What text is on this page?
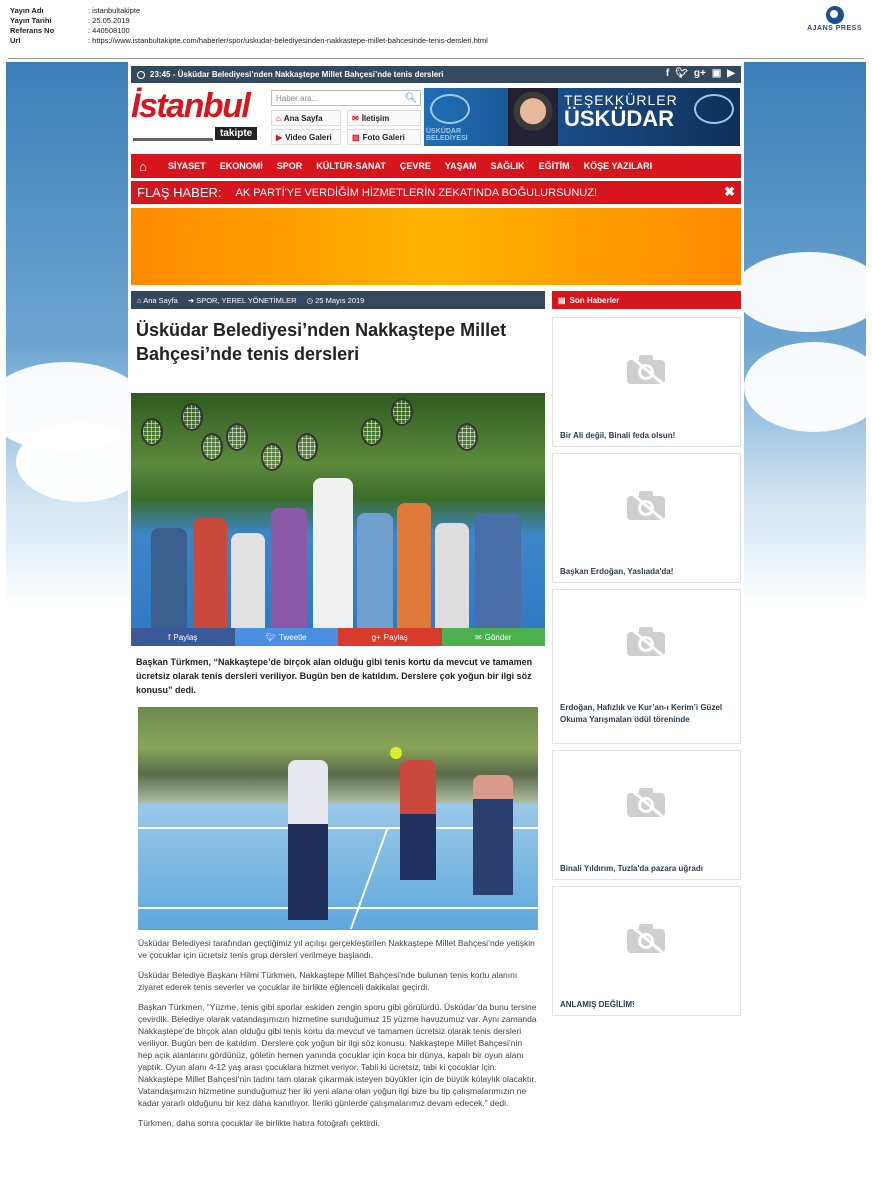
Yayın Adı	: istanbultakipte
Yayın Tarihi	: 25.05.2019
Referans No	: 440508100
Url	: https://www.istanbultakipte.com/haberler/spor/uskudar-belediyesinden-nakkastepe-millet-bahcesinde-tenis-dersleri.html
AJANS PRESS
23:45
- Üsküdar Belediyesi’nden Nakkaştepe Millet Bahçesi’nde tenis dersleri	f 🐦︎ g+ ▣ ▶
İstanbul
takipte
Haber ara...	🔍︎
⌂ Ana Sayfa	✉ İletişim
▶ Video Galeri	▨ Foto Galeri
ÜSKÜDAR BELEDİYESİ
TEŞEKKÜRLER
ÜSKÜDAR
⌂	SİYASET	EKONOMİ	SPOR	KÜLTÜR-SANAT	ÇEVRE	YAŞAM	SAĞLIK	EĞİTİM	KÖŞE YAZILARI
FLAŞ HABER: AK PARTİ'YE VERDİĞİM HİZMETLERİN ZEKATINDA BOĞULURSUNUZ!	✖
⌂ Ana Sayfa ➜ SPOR, YEREL YÖNETİMLER ◷ 25 Mayıs 2019
Üsküdar Belediyesi’nden Nakkaştepe Millet Bahçesi’nde tenis dersleri
f Paylaş	🐦︎ Tweetle	g+ Paylaş	✉ Gönder

Başkan Türkmen, “Nakkaştepe’de birçok alan olduğu gibi tenis kortu da mevcut ve tamamen ücretsiz olarak tenis dersleri veriliyor. Bugün ben de katıldım. Derslere çok yoğun bir ilgi söz konusu” dedi.

Üsküdar Belediyesi tarafından geçtiğimiz yıl açılışı gerçekleştirilen Nakkaştepe Millet Bahçesi’nde yetişkin ve çocuklar için ücretsiz tenis grup dersleri verilmeye başlandı.

Üsküdar Belediye Başkanı Hilmi Türkmen, Nakkaştepe Millet Bahçesi’nde bulunan tenis kortu alanını ziyaret ederek tenis severler ve çocuklar ile birlikte eğlenceli dakikalar geçirdi.

Başkan Türkmen, “Yüzme, tenis gibi sporlar eskiden zengin sporu gibi görülürdü. Üsküdar’da bunu tersine çevirdik. Belediye olarak vatandaşımızın hizmetine sunduğumuz 15 yüzme havuzumuz var. Aynı zamanda Nakkaştepe’de birçok alan olduğu gibi tenis kortu da mevcut ve tamamen ücretsiz olarak tenis dersleri veriliyor. Bugün ben de katıldım. Derslere çok yoğun bir ilgi söz konusu. Nakkaştepe Millet Bahçesi’nin hep açık alanlarını gördünüz, göletin hemen yanında çocuklar için koca bir dünya, kapalı bir oyun alanı yaptık. Oyun alanı 4-12 yaş arası çocuklara hizmet veriyor. Tabii ki ücretsiz, tabi ki çocuklar için. Nakkaştepe Millet Bahçesi’nin tadını tam olarak çıkarmak isteyen büyükler için de büyük kolaylık olacaktır. Vatandaşımızın hizmetine sunduğumuz her iki yeni alana olan yoğun ilgi bize bu tip çalışmalarımızın ne kadar yararlı olduğunu bir kez daha kanıtlıyor. İleriki günlerde çalışmalarımız devam edecek.” dedi.

Türkmen, daha sonra çocuklar ile birlikte hatıra fotoğrafı çektirdi.

▤ Son Haberler
Bir Ali değil, Binali feda olsun!
Başkan Erdoğan, Yaslıada'da!
Erdoğan, Hafızlık ve Kur’an-ı Kerim’i Güzel Okuma Yarışmaları ödül töreninde
Binali Yıldırım, Tuzla'da pazara uğradı
ANLAMIŞ DEĞİLİM!
